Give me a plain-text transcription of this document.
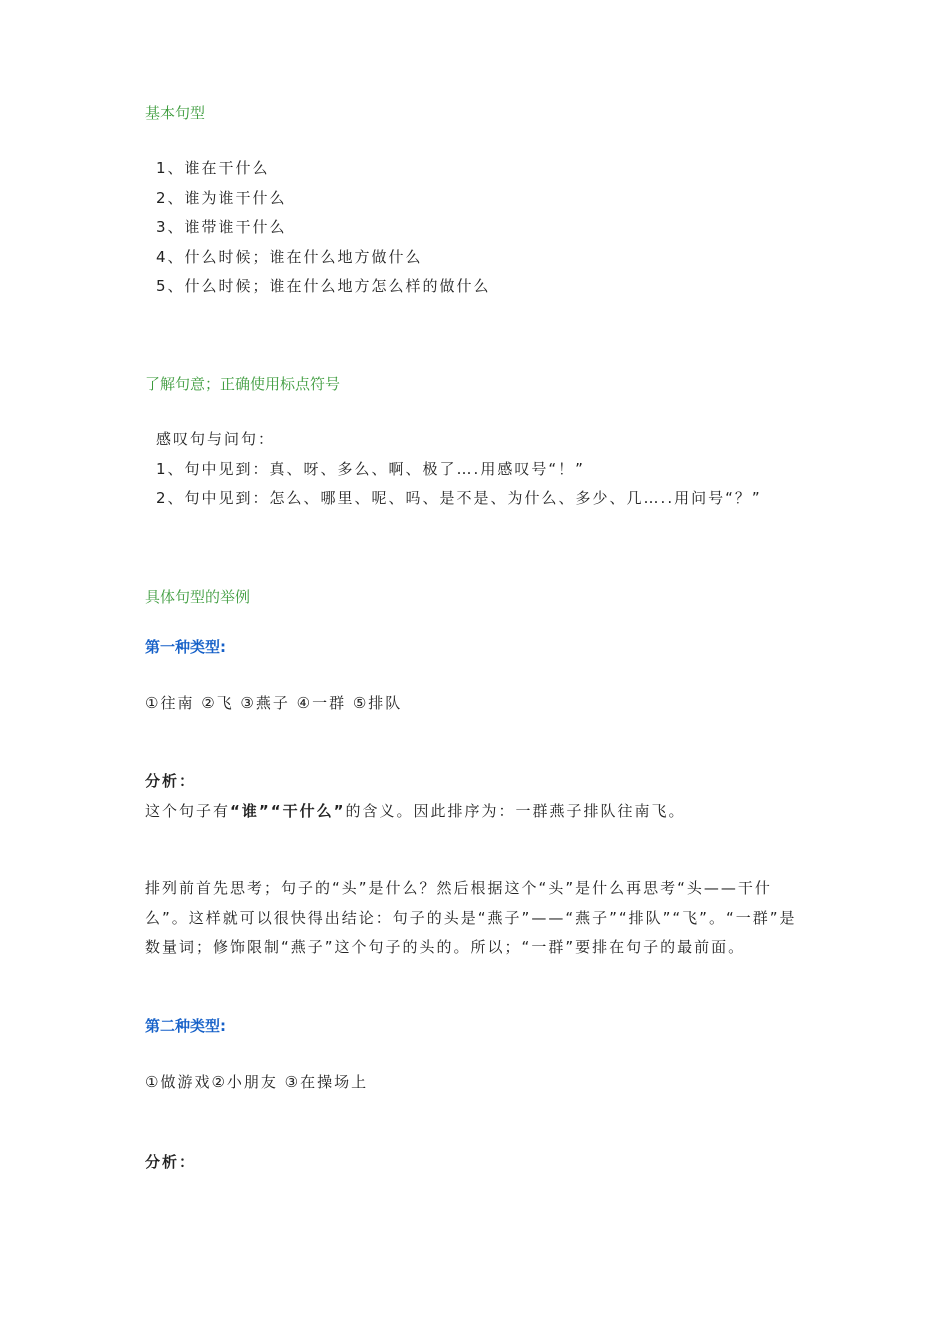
基本句型
1、谁在干什么
2、谁为谁干什么
3、谁带谁干什么
4、什么时候；谁在什么地方做什么
5、什么时候；谁在什么地方怎么样的做什么
了解句意；正确使用标点符号
感叹句与问句：
1、句中见到：真、呀、多么、啊、极了….用感叹号“！”
2、句中见到：怎么、哪里、呢、吗、是不是、为什么、多少、几…..用问号“？”
具体句型的举例
第一种类型:
①往南 ②飞 ③燕子 ④一群 ⑤排队
分析：
这个句子有“谁”“干什么”的含义。因此排序为：一群燕子排队往南飞。

排列前首先思考；句子的“头”是什么？然后根据这个“头”是什么再思考“头——干什么”。这样就可以很快得出结论：句子的头是“燕子”——“燕子”“排队”“飞”。“一群”是数量词；修饰限制“燕子”这个句子的头的。所以；“一群”要排在句子的最前面。

第二种类型:
①做游戏②小朋友 ③在操场上
分析：
